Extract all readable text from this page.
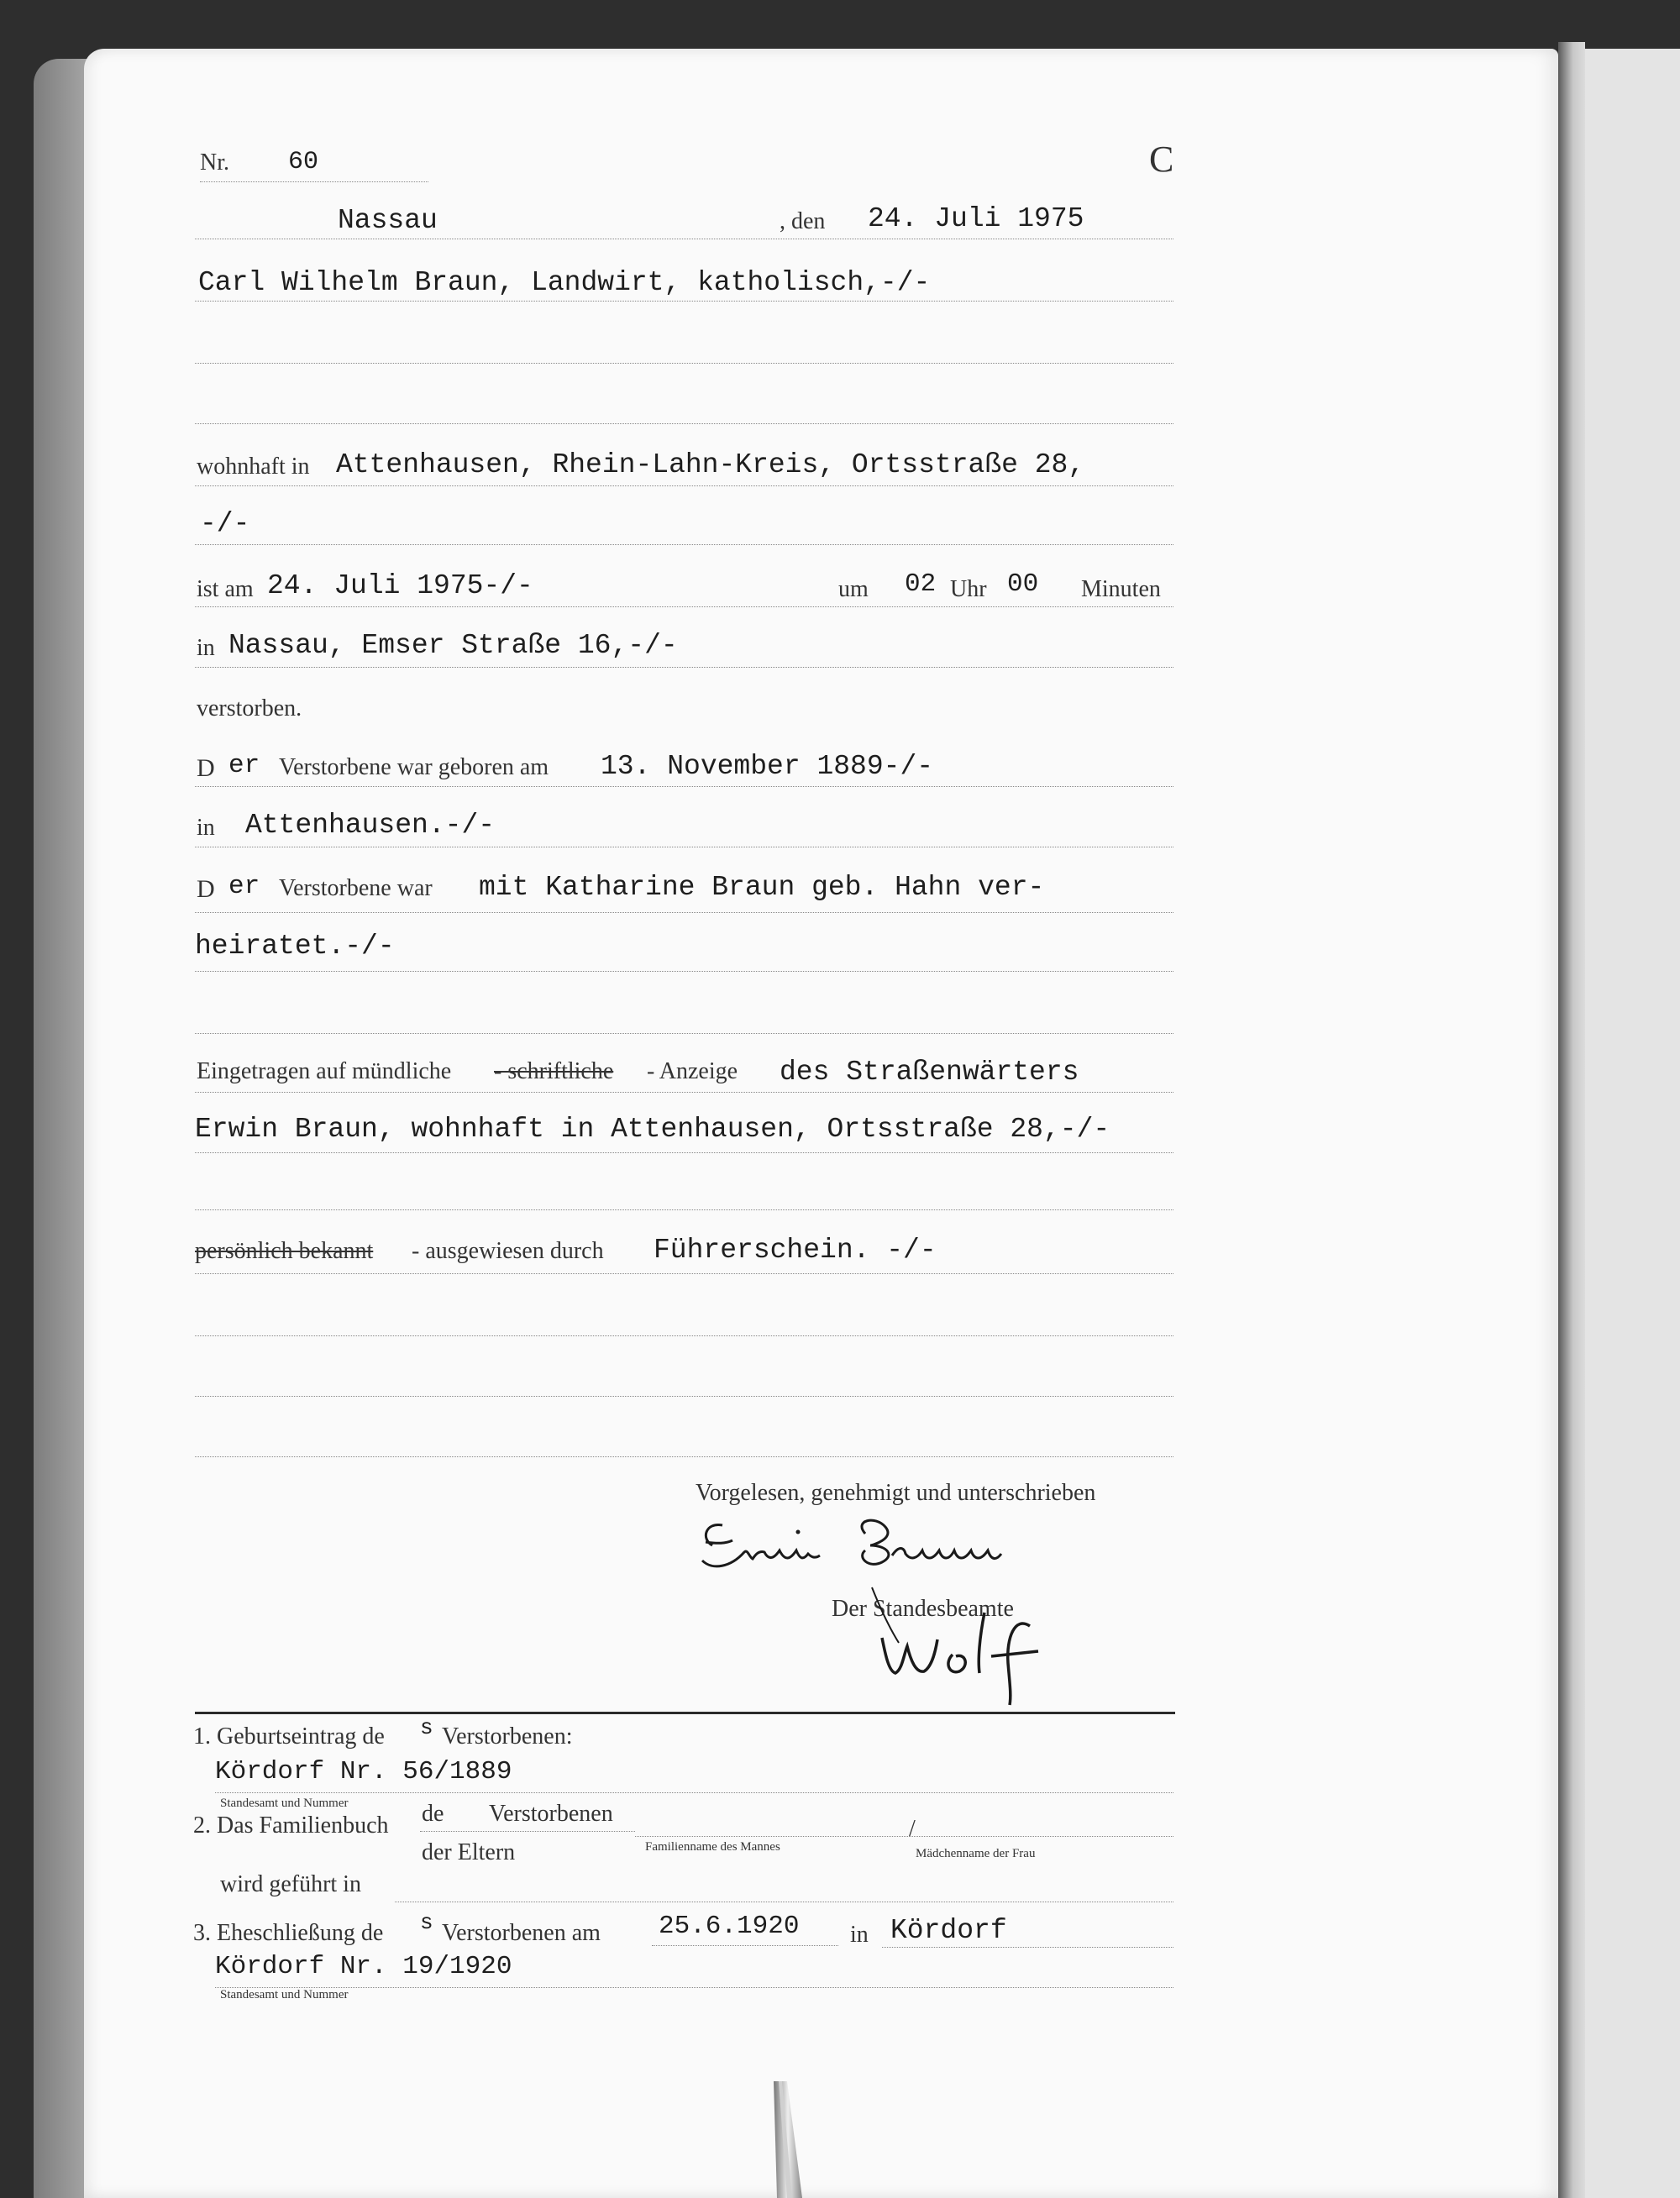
Nr. 60	C
Nassau	, den 24. Juli 1975
Carl Wilhelm Braun, Landwirt, katholisch,-/-
wohnhaft in Attenhausen, Rhein-Lahn-Kreis, Ortsstraße 28,
-/-
ist am 24. Juli 1975-/-	um 02 Uhr 00 Minuten
in Nassau, Emser Straße 16,-/-
verstorben.
D er Verstorbene war geboren am 13. November 1889-/-
in Attenhausen.-/-
D er Verstorbene war mit Katharine Braun geb. Hahn ver-
heiratet.-/-
Eingetragen auf mündliche - schriftliche - Anzeige des Straßenwärters
Erwin Braun, wohnhaft in Attenhausen, Ortsstraße 28,-/-
persönlich bekannt - ausgewiesen durch Führerschein. -/-
Vorgelesen, genehmigt und unterschrieben
Der Standesbeamte
1. Geburtseintrag de s Verstorbenen:
Kördorf Nr. 56/1889
Standesamt und Nummer
2. Das Familienbuch de Verstorbenen
/
der Eltern	Familienname des Mannes	Mädchenname der Frau
wird geführt in
3. Eheschließung de s Verstorbenen am 25.6.1920 in Kördorf
Kördorf Nr. 19/1920
Standesamt und Nummer
